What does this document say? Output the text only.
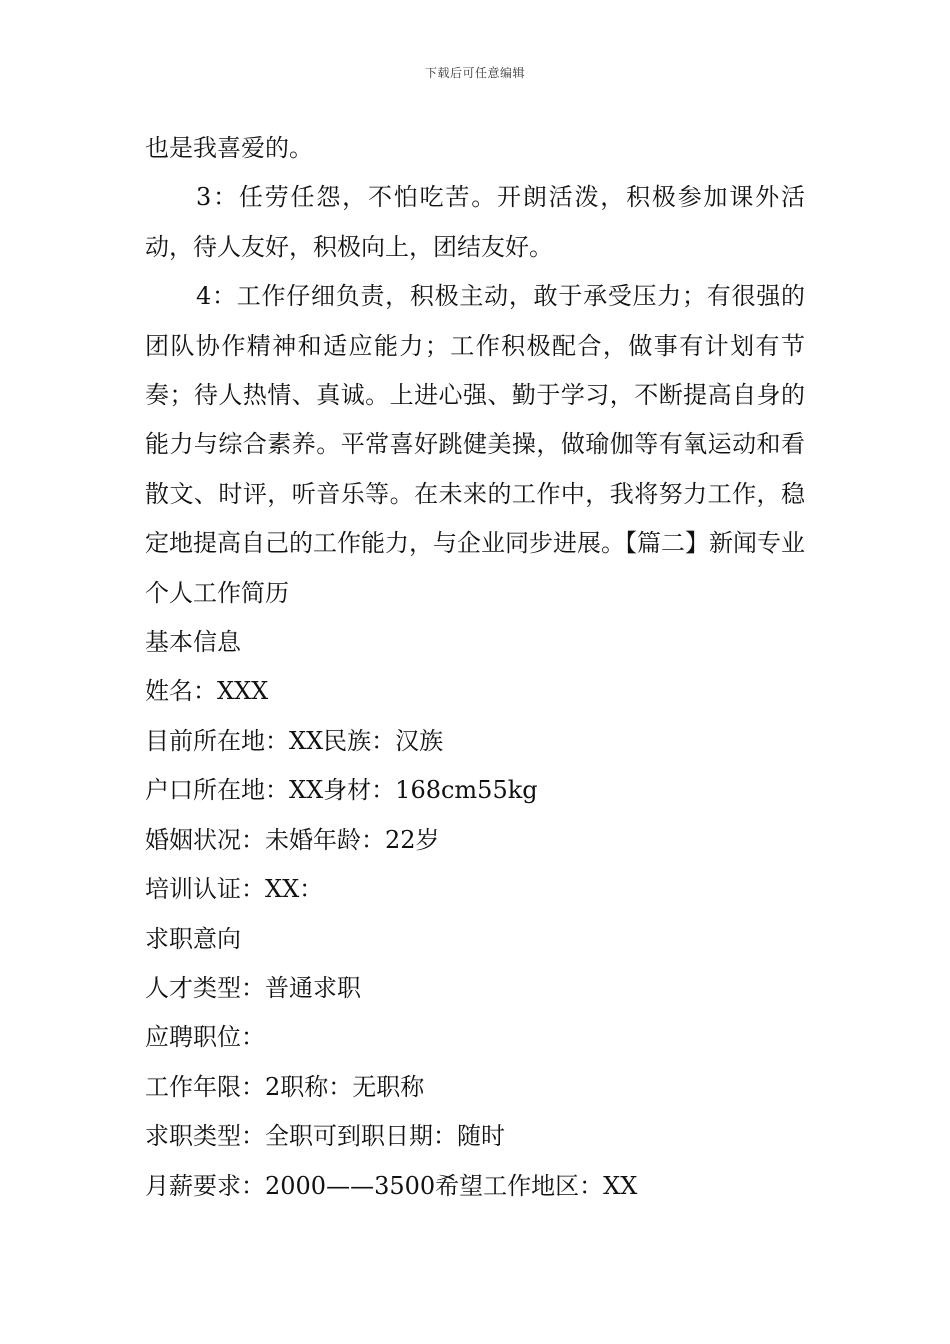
下载后可任意编辑

也是我喜爱的。

3：任劳任怨，不怕吃苦。开朗活泼，积极参加课外活动，待人友好，积极向上，团结友好。

4：工作仔细负责，积极主动，敢于承受压力；有很强的团队协作精神和适应能力；工作积极配合，做事有计划有节奏；待人热情、真诚。上进心强、勤于学习，不断提高自身的能力与综合素养。平常喜好跳健美操，做瑜伽等有氧运动和看散文、时评，听音乐等。在未来的工作中，我将努力工作，稳定地提高自己的工作能力，与企业同步进展。【篇二】新闻专业个人工作简历

基本信息

姓名：XXX

目前所在地：XX民族：汉族

户口所在地：XX身材：168cm55kg

婚姻状况：未婚年龄：22岁

培训认证：XX：

求职意向

人才类型：普通求职

应聘职位：

工作年限：2职称：无职称

求职类型：全职可到职日期：随时

月薪要求：2000——3500希望工作地区：XX
